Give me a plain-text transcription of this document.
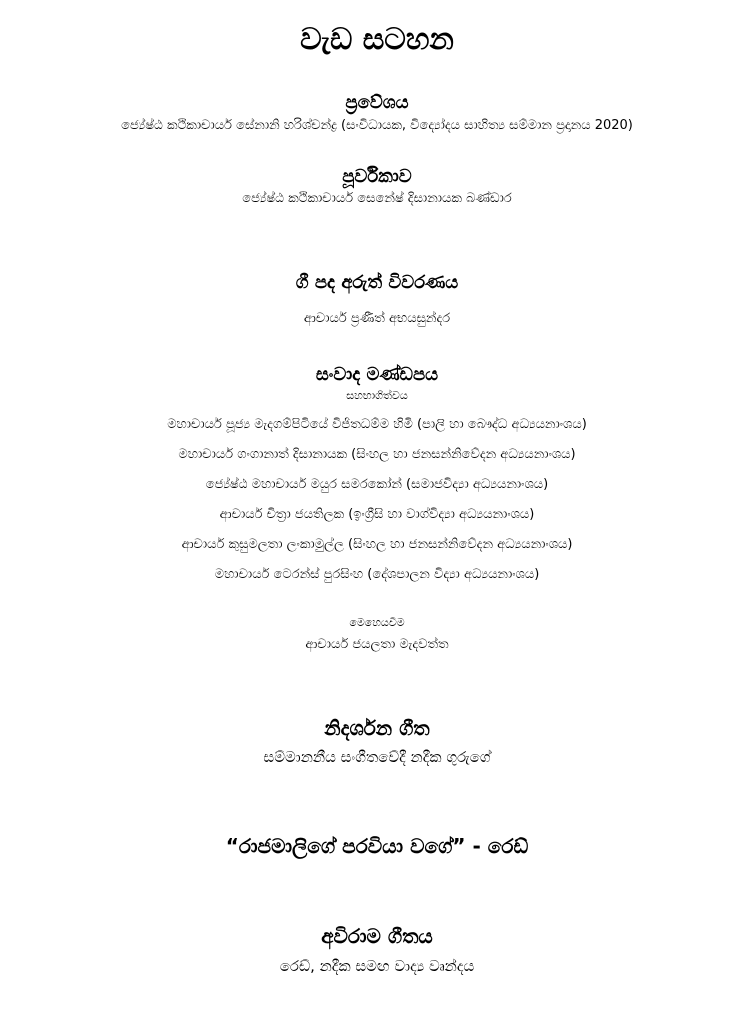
වැඩ සටහන
ප්‍රවේශය
ජ්‍යේෂ්ඨ කථිකාචාර්ය සේනානි හරිශ්චන්ද්‍ර (සංවිධායක, විද්‍යෝදය සාහිත්‍ය සම්මාන ප්‍රදානය 2020)
පූර්විකාව
ජ්‍යේෂ්ඨ කථිකාචාර්ය සෙනේෂ් දිසානායක බණ්ඩාර
ගී පද අරුත් විවරණය
ආචාර්ය ප්‍රණීත් අභයසුන්දර
සංවාද මණ්ඩපය
සහභාගිත්වය
මහාචාර්ය පූජ්‍ය මැදගම්පිටියේ විජිතධම්ම හිමි (පාලි හා බෞද්ධ අධ්‍යයනාංශය)
මහාචාර්ය ගංගානාත් දිසානායක (සිංහල හා ජනසන්නිවේදන අධ්‍යයනාංශය)
ජ්‍යේෂ්ඨ මහාචාර්ය මයුර සමරකෝන් (සමාජවිද්‍යා අධ්‍යයනාංශය)
ආචාර්ය චිත්‍රා ජයතිලක (ඉංග්‍රීසි හා වාග්විද්‍යා අධ්‍යයනාංශය)
ආචාර්ය කුසුමලතා ලංකාමුල්ල (සිංහල හා ජනසන්නිවේදන අධ්‍යයනාංශය)
මහාචාර්ය ටෙරන්ස් පුරසිංහ (දේශපාලන විද්‍යා අධ්‍යයනාංශය)
මෙහෙයවීම
ආචාර්ය ජයලතා මැදවත්ත
නිදර්ශන ගීත
සම්මානනීය සංගීතවේදී නදීක ගුරුගේ
“රාජමාලිගේ පරවියා වගේ” - රෙඩ්
අවිරාම ගීතය
රෙඩ්, නදීක සමඟ වාද්‍ය වෘන්දය
